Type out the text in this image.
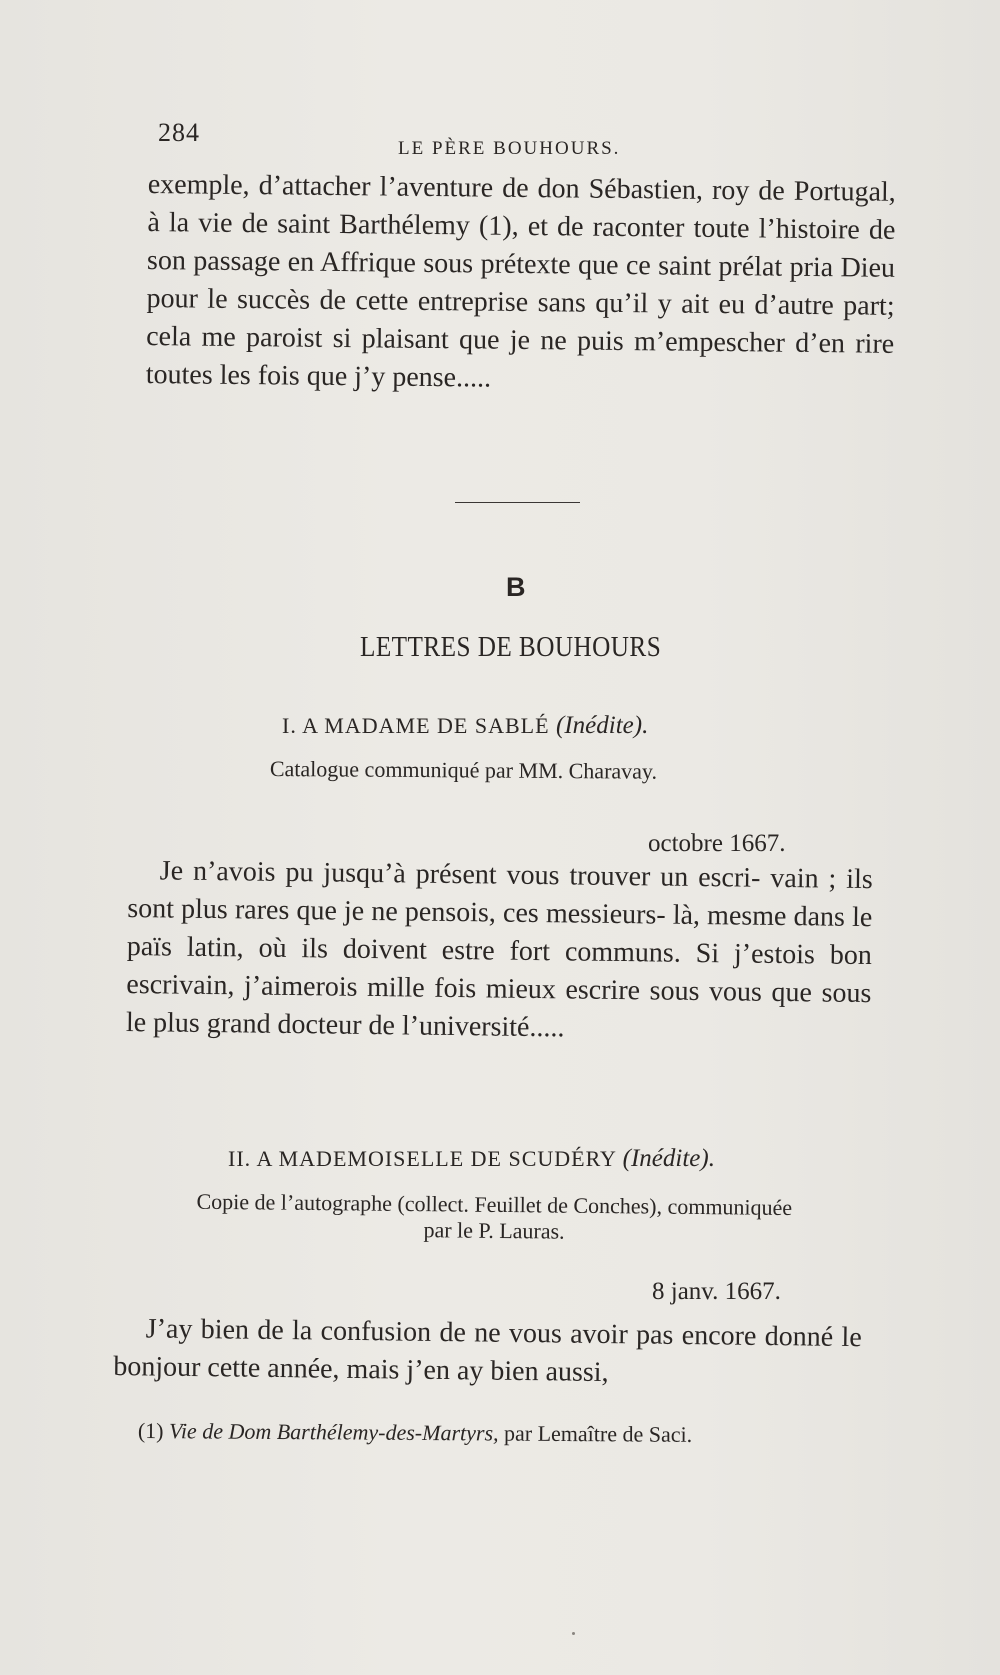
284
LE PÈRE BOUHOURS.

exemple, d’attacher l’aventure de don Sébastien, roy de Portugal, à la vie de saint Barthélemy (1), et de raconter toute l’histoire de son passage en Affrique sous prétexte que ce saint prélat pria Dieu pour le succès de cette entreprise sans qu’il y ait eu d’autre part; cela me paroist si plaisant que je ne puis m’empescher d’en rire toutes les fois que j’y pense.....

B
LETTRES DE BOUHOURS
I. A MADAME DE SABLÉ (Inédite).
Catalogue communiqué par MM. Charavay.
octobre 1667.

Je n’avois pu jusqu’à présent vous trouver un escri- vain ; ils sont plus rares que je ne pensois, ces messieurs- là, mesme dans le païs latin, où ils doivent estre fort communs. Si j’estois bon escrivain, j’aimerois mille fois mieux escrire sous vous que sous le plus grand docteur de l’université.....

II. A MADEMOISELLE DE SCUDÉRY (Inédite).
Copie de l’autographe (collect. Feuillet de Conches), communiquée
par le P. Lauras.
8 janv. 1667.

J’ay bien de la confusion de ne vous avoir pas encore donné le bonjour cette année, mais j’en ay bien aussi,

(1) Vie de Dom Barthélemy-des-Martyrs, par Lemaître de Saci.
